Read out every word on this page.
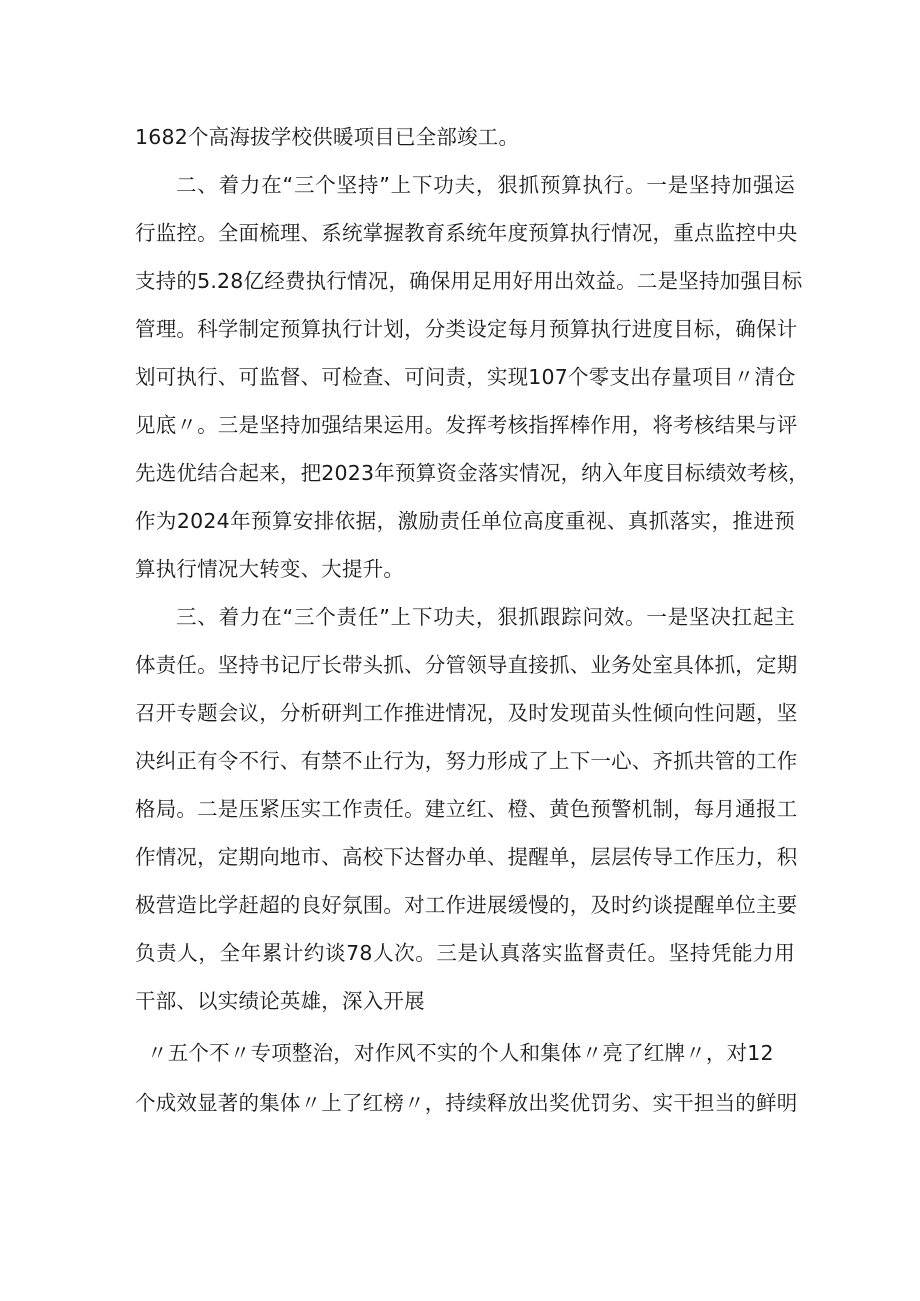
1682个高海拔学校供暖项目已全部竣工。
二、着力在“三个坚持”上下功夫，狠抓预算执行。一是坚持加强运
行监控。全面梳理、系统掌握教育系统年度预算执行情况，重点监控中央
支持的5.28亿经费执行情况，确保用足用好用出效益。二是坚持加强目标
管理。科学制定预算执行计划，分类设定每月预算执行进度目标，确保计
划可执行、可监督、可检查、可问责，实现107个零支出存量项目〃清仓
见底〃。三是坚持加强结果运用。发挥考核指挥棒作用，将考核结果与评
先选优结合起来，把2023年预算资金落实情况，纳入年度目标绩效考核，
作为2024年预算安排依据，激励责任单位高度重视、真抓落实，推进预
算执行情况大转变、大提升。
三、着力在“三个责任”上下功夫，狠抓跟踪问效。一是坚决扛起主
体责任。坚持书记厅长带头抓、分管领导直接抓、业务处室具体抓，定期
召开专题会议，分析研判工作推进情况，及时发现苗头性倾向性问题，坚
决纠正有令不行、有禁不止行为，努力形成了上下一心、齐抓共管的工作
格局。二是压紧压实工作责任。建立红、橙、黄色预警机制，每月通报工
作情况，定期向地市、高校下达督办单、提醒单，层层传导工作压力，积
极营造比学赶超的良好氛围。对工作进展缓慢的，及时约谈提醒单位主要
负责人，全年累计约谈78人次。三是认真落实监督责任。坚持凭能力用
干部、以实绩论英雄，深入开展
〃五个不〃专项整治，对作风不实的个人和集体〃亮了红牌〃，对12
个成效显著的集体〃上了红榜〃，持续释放出奖优罚劣、实干担当的鲜明
